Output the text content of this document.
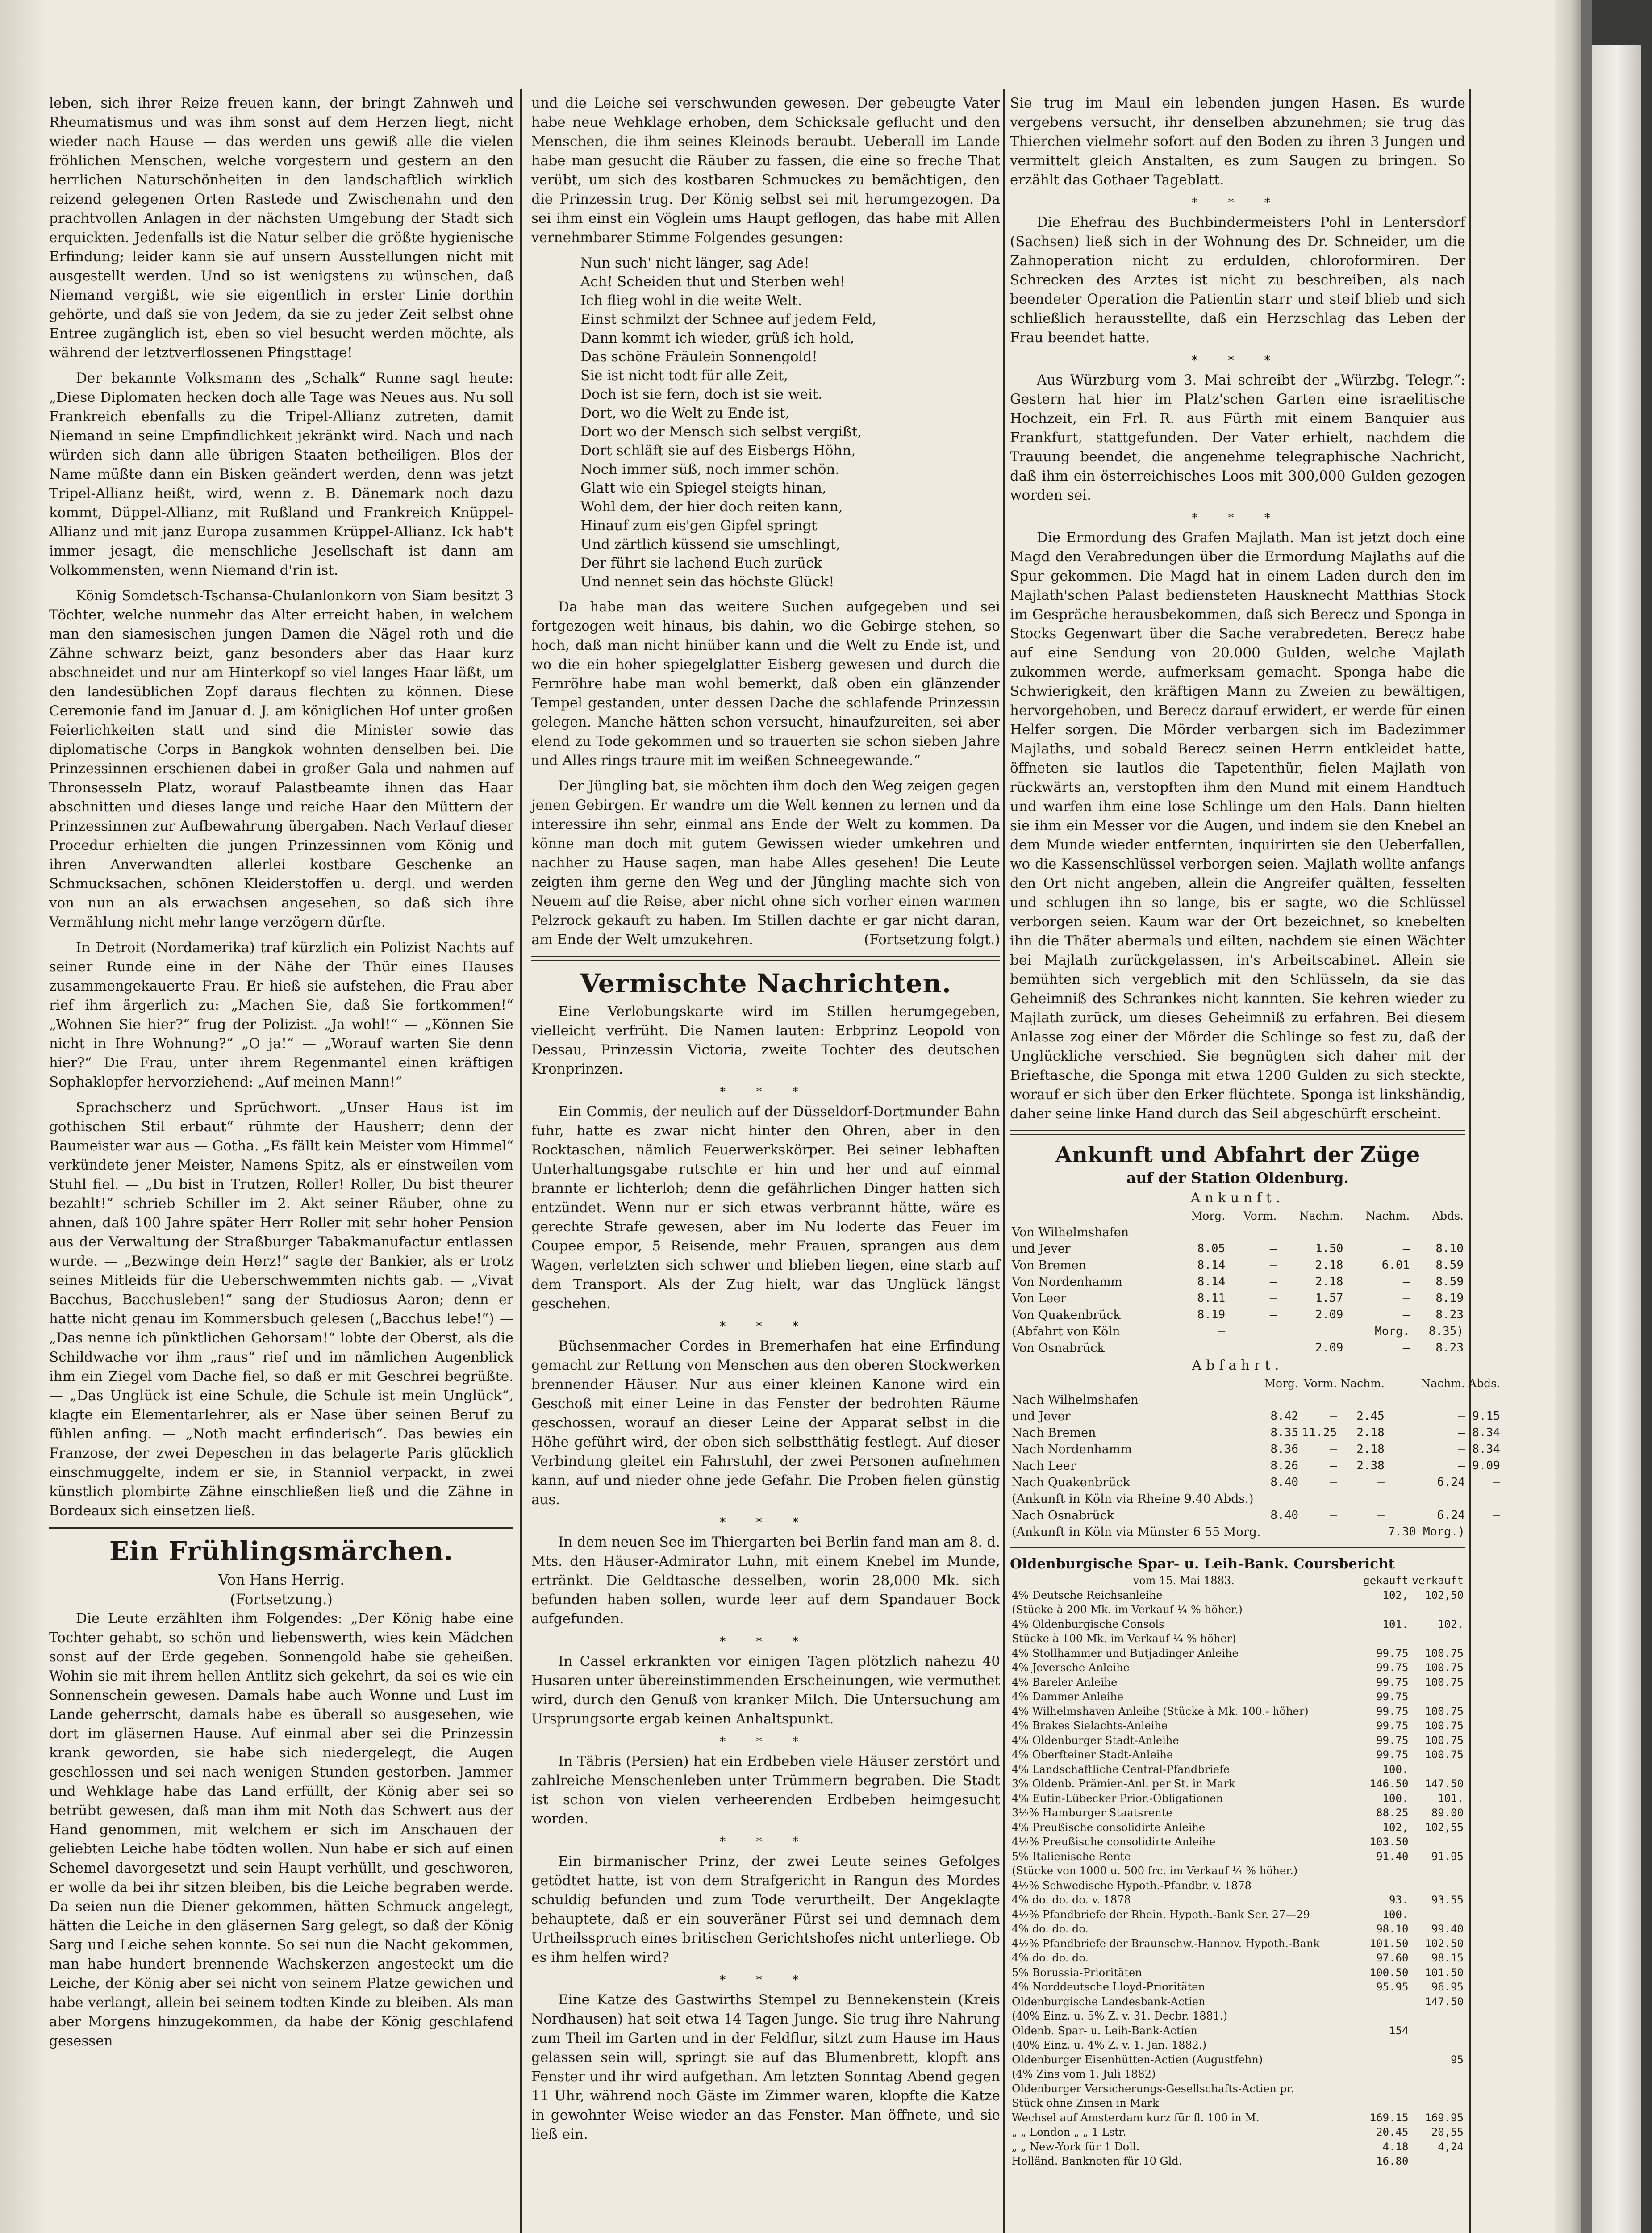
leben, sich ihrer Reize freuen kann, der bringt Zahnweh und Rheumatismus und was ihm sonst auf dem Herzen liegt, nicht wieder nach Hause — das werden uns gewiß alle die vielen fröhlichen Menschen, welche vorgestern und gestern an den herrlichen Naturschönheiten in den landschaftlich wirklich reizend gelegenen Orten Rastede und Zwischenahn und den prachtvollen Anlagen in der nächsten Umgebung der Stadt sich erquickten. Jedenfalls ist die Natur selber die größte hygienische Erfindung; leider kann sie auf unsern Ausstellungen nicht mit ausgestellt werden. Und so ist wenigstens zu wünschen, daß Niemand vergißt, wie sie eigentlich in erster Linie dorthin gehörte, und daß sie von Jedem, da sie zu jeder Zeit selbst ohne Entree zugänglich ist, eben so viel besucht werden möchte, als während der letztverflossenen Pfingsttage!

Der bekannte Volksmann des „Schalk“ Runne sagt heute: „Diese Diplomaten hecken doch alle Tage was Neues aus. Nu soll Frankreich ebenfalls zu die Tripel-Allianz zutreten, damit Niemand in seine Empfindlichkeit jekränkt wird. Nach und nach würden sich dann alle übrigen Staaten betheiligen. Blos der Name müßte dann ein Bisken geändert werden, denn was jetzt Tripel-Allianz heißt, wird, wenn z. B. Dänemark noch dazu kommt, Düppel-Allianz, mit Rußland und Frankreich Knüppel-Allianz und mit janz Europa zusammen Krüppel-Allianz. Ick hab't immer jesagt, die menschliche Jesellschaft ist dann am Volkommensten, wenn Niemand d'rin ist.

König Somdetsch-Tschansa-Chulanlonkorn von Siam besitzt 3 Töchter, welche nunmehr das Alter erreicht haben, in welchem man den siamesischen jungen Damen die Nägel roth und die Zähne schwarz beizt, ganz besonders aber das Haar kurz abschneidet und nur am Hinterkopf so viel langes Haar läßt, um den landesüblichen Zopf daraus flechten zu können. Diese Ceremonie fand im Januar d. J. am königlichen Hof unter großen Feierlichkeiten statt und sind die Minister sowie das diplomatische Corps in Bangkok wohnten denselben bei. Die Prinzessinnen erschienen dabei in großer Gala und nahmen auf Thronsesseln Platz, worauf Palastbeamte ihnen das Haar abschnitten und dieses lange und reiche Haar den Müttern der Prinzessinnen zur Aufbewahrung übergaben. Nach Verlauf dieser Procedur erhielten die jungen Prinzessinnen vom König und ihren Anverwandten allerlei kostbare Geschenke an Schmucksachen, schönen Kleiderstoffen u. dergl. und werden von nun an als erwachsen angesehen, so daß sich ihre Vermählung nicht mehr lange verzögern dürfte.

In Detroit (Nordamerika) traf kürzlich ein Polizist Nachts auf seiner Runde eine in der Nähe der Thür eines Hauses zusammengekauerte Frau. Er hieß sie aufstehen, die Frau aber rief ihm ärgerlich zu: „Machen Sie, daß Sie fortkommen!“ „Wohnen Sie hier?“ frug der Polizist. „Ja wohl!“ — „Können Sie nicht in Ihre Wohnung?“ „O ja!“ — „Worauf warten Sie denn hier?“ Die Frau, unter ihrem Regenmantel einen kräftigen Sophaklopfer hervorziehend: „Auf meinen Mann!“

Sprachscherz und Sprüchwort. „Unser Haus ist im gothischen Stil erbaut“ rühmte der Hausherr; denn der Baumeister war aus — Gotha. „Es fällt kein Meister vom Himmel“ verkündete jener Meister, Namens Spitz, als er einstweilen vom Stuhl fiel. — „Du bist in Trutzen, Roller! Roller, Du bist theurer bezahlt!“ schrieb Schiller im 2. Akt seiner Räuber, ohne zu ahnen, daß 100 Jahre später Herr Roller mit sehr hoher Pension aus der Verwaltung der Straßburger Tabakmanufactur entlassen wurde. — „Bezwinge dein Herz!“ sagte der Bankier, als er trotz seines Mitleids für die Ueberschwemmten nichts gab. — „Vivat Bacchus, Bacchusleben!“ sang der Studiosus Aaron; denn er hatte nicht genau im Kommersbuch gelesen („Bacchus lebe!“) — „Das nenne ich pünktlichen Gehorsam!“ lobte der Oberst, als die Schildwache vor ihm „raus“ rief und im nämlichen Augenblick ihm ein Ziegel vom Dache fiel, so daß er mit Geschrei begrüßte. — „Das Unglück ist eine Schule, die Schule ist mein Unglück“, klagte ein Elementarlehrer, als er Nase über seinen Beruf zu fühlen anfing. — „Noth macht erfinderisch“. Das bewies ein Franzose, der zwei Depeschen in das belagerte Paris glücklich einschmuggelte, indem er sie, in Stanniol verpackt, in zwei künstlich plombirte Zähne einschließen ließ und die Zähne in Bordeaux sich einsetzen ließ.

Ein Frühlingsmärchen.
Von Hans Herrig.
(Fortsetzung.)

Die Leute erzählten ihm Folgendes: „Der König habe eine Tochter gehabt, so schön und liebenswerth, wies kein Mädchen sonst auf der Erde gegeben. Sonnengold habe sie geheißen. Wohin sie mit ihrem hellen Antlitz sich gekehrt, da sei es wie ein Sonnenschein gewesen. Damals habe auch Wonne und Lust im Lande geherrscht, damals habe es überall so ausgesehen, wie dort im gläsernen Hause. Auf einmal aber sei die Prinzessin krank geworden, sie habe sich niedergelegt, die Augen geschlossen und sei nach wenigen Stunden gestorben. Jammer und Wehklage habe das Land erfüllt, der König aber sei so betrübt gewesen, daß man ihm mit Noth das Schwert aus der Hand genommen, mit welchem er sich im Anschauen der geliebten Leiche habe tödten wollen. Nun habe er sich auf einen Schemel davorgesetzt und sein Haupt verhüllt, und geschworen, er wolle da bei ihr sitzen bleiben, bis die Leiche begraben werde. Da seien nun die Diener gekommen, hätten Schmuck angelegt, hätten die Leiche in den gläsernen Sarg gelegt, so daß der König Sarg und Leiche sehen konnte. So sei nun die Nacht gekommen, man habe hundert brennende Wachskerzen angesteckt um die Leiche, der König aber sei nicht von seinem Platze gewichen und habe verlangt, allein bei seinem todten Kinde zu bleiben. Als man aber Morgens hinzugekommen, da habe der König geschlafend gesessen

und die Leiche sei verschwunden gewesen. Der gebeugte Vater habe neue Wehklage erhoben, dem Schicksale geflucht und den Menschen, die ihm seines Kleinods beraubt. Ueberall im Lande habe man gesucht die Räuber zu fassen, die eine so freche That verübt, um sich des kostbaren Schmuckes zu bemächtigen, den die Prinzessin trug. Der König selbst sei mit herumgezogen. Da sei ihm einst ein Vöglein ums Haupt geflogen, das habe mit Allen vernehmbarer Stimme Folgendes gesungen:

Nun such' nicht länger, sag Ade!
Ach! Scheiden thut und Sterben weh!
Ich flieg wohl in die weite Welt.
Einst schmilzt der Schnee auf jedem Feld,
Dann kommt ich wieder, grüß ich hold,
Das schöne Fräulein Sonnengold!
Sie ist nicht todt für alle Zeit,
Doch ist sie fern, doch ist sie weit.
Dort, wo die Welt zu Ende ist,
Dort wo der Mensch sich selbst vergißt,
Dort schläft sie auf des Eisbergs Höhn,
Noch immer süß, noch immer schön.
Glatt wie ein Spiegel steigts hinan,
Wohl dem, der hier doch reiten kann,
Hinauf zum eis'gen Gipfel springt
Und zärtlich küssend sie umschlingt,
Der führt sie lachend Euch zurück
Und nennet sein das höchste Glück!

Da habe man das weitere Suchen aufgegeben und sei fortgezogen weit hinaus, bis dahin, wo die Gebirge stehen, so hoch, daß man nicht hinüber kann und die Welt zu Ende ist, und wo die ein hoher spiegelglatter Eisberg gewesen und durch die Fernröhre habe man wohl bemerkt, daß oben ein glänzender Tempel gestanden, unter dessen Dache die schlafende Prinzessin gelegen. Manche hätten schon versucht, hinaufzureiten, sei aber elend zu Tode gekommen und so trauerten sie schon sieben Jahre und Alles rings traure mit im weißen Schneegewande.“

Der Jüngling bat, sie möchten ihm doch den Weg zeigen gegen jenen Gebirgen. Er wandre um die Welt kennen zu lernen und da interessire ihn sehr, einmal ans Ende der Welt zu kommen. Da könne man doch mit gutem Gewissen wieder umkehren und nachher zu Hause sagen, man habe Alles gesehen! Die Leute zeigten ihm gerne den Weg und der Jüngling machte sich von Neuem auf die Reise, aber nicht ohne sich vorher einen warmen Pelzrock gekauft zu haben. Im Stillen dachte er gar nicht daran, am Ende der Welt umzukehren.	(Fortsetzung folgt.)

Vermischte Nachrichten.

Eine Verlobungskarte wird im Stillen herumgegeben, vielleicht verfrüht. Die Namen lauten: Erbprinz Leopold von Dessau, Prinzessin Victoria, zweite Tochter des deutschen Kronprinzen.

* * *

Ein Commis, der neulich auf der Düsseldorf-Dortmunder Bahn fuhr, hatte es zwar nicht hinter den Ohren, aber in den Rocktaschen, nämlich Feuerwerkskörper. Bei seiner lebhaften Unterhaltungsgabe rutschte er hin und her und auf einmal brannte er lichterloh; denn die gefährlichen Dinger hatten sich entzündet. Wenn nur er sich etwas verbrannt hätte, wäre es gerechte Strafe gewesen, aber im Nu loderte das Feuer im Coupee empor, 5 Reisende, mehr Frauen, sprangen aus dem Wagen, verletzten sich schwer und blieben liegen, eine starb auf dem Transport. Als der Zug hielt, war das Unglück längst geschehen.

* * *

Büchsenmacher Cordes in Bremerhafen hat eine Erfindung gemacht zur Rettung von Menschen aus den oberen Stockwerken brennender Häuser. Nur aus einer kleinen Kanone wird ein Geschoß mit einer Leine in das Fenster der bedrohten Räume geschossen, worauf an dieser Leine der Apparat selbst in die Höhe geführt wird, der oben sich selbstthätig festlegt. Auf dieser Verbindung gleitet ein Fahrstuhl, der zwei Personen aufnehmen kann, auf und nieder ohne jede Gefahr. Die Proben fielen günstig aus.

* * *

In dem neuen See im Thiergarten bei Berlin fand man am 8. d. Mts. den Häuser-Admirator Luhn, mit einem Knebel im Munde, ertränkt. Die Geldtasche desselben, worin 28,000 Mk. sich befunden haben sollen, wurde leer auf dem Spandauer Bock aufgefunden.

* * *

In Cassel erkrankten vor einigen Tagen plötzlich nahezu 40 Husaren unter übereinstimmenden Erscheinungen, wie vermuthet wird, durch den Genuß von kranker Milch. Die Untersuchung am Ursprungsorte ergab keinen Anhaltspunkt.

* * *

In Täbris (Persien) hat ein Erdbeben viele Häuser zerstört und zahlreiche Menschenleben unter Trümmern begraben. Die Stadt ist schon von vielen verheerenden Erdbeben heimgesucht worden.

* * *

Ein birmanischer Prinz, der zwei Leute seines Gefolges getödtet hatte, ist von dem Strafgericht in Rangun des Mordes schuldig befunden und zum Tode verurtheilt. Der Angeklagte behauptete, daß er ein souveräner Fürst sei und demnach dem Urtheilsspruch eines britischen Gerichtshofes nicht unterliege. Ob es ihm helfen wird?

* * *

Eine Katze des Gastwirths Stempel zu Bennekenstein (Kreis Nordhausen) hat seit etwa 14 Tagen Junge. Sie trug ihre Nahrung zum Theil im Garten und in der Feldflur, sitzt zum Hause im Haus gelassen sein will, springt sie auf das Blumenbrett, klopft ans Fenster und ihr wird aufgethan. Am letzten Sonntag Abend gegen 11 Uhr, während noch Gäste im Zimmer waren, klopfte die Katze in gewohnter Weise wieder an das Fenster. Man öffnete, und sie ließ ein.

Sie trug im Maul ein lebenden jungen Hasen. Es wurde vergebens versucht, ihr denselben abzunehmen; sie trug das Thierchen vielmehr sofort auf den Boden zu ihren 3 Jungen und vermittelt gleich Anstalten, es zum Saugen zu bringen. So erzählt das Gothaer Tageblatt.

* * *

Die Ehefrau des Buchbindermeisters Pohl in Lentersdorf (Sachsen) ließ sich in der Wohnung des Dr. Schneider, um die Zahnoperation nicht zu erdulden, chloroformiren. Der Schrecken des Arztes ist nicht zu beschreiben, als nach beendeter Operation die Patientin starr und steif blieb und sich schließlich herausstellte, daß ein Herzschlag das Leben der Frau beendet hatte.

* * *

Aus Würzburg vom 3. Mai schreibt der „Würzbg. Telegr.“: Gestern hat hier im Platz'schen Garten eine israelitische Hochzeit, ein Frl. R. aus Fürth mit einem Banquier aus Frankfurt, stattgefunden. Der Vater erhielt, nachdem die Trauung beendet, die angenehme telegraphische Nachricht, daß ihm ein österreichisches Loos mit 300,000 Gulden gezogen worden sei.

* * *

Die Ermordung des Grafen Majlath. Man ist jetzt doch eine Magd den Verabredungen über die Ermordung Majlaths auf die Spur gekommen. Die Magd hat in einem Laden durch den im Majlath'schen Palast bediensteten Hausknecht Matthias Stock im Gespräche herausbekommen, daß sich Berecz und Sponga in Stocks Gegenwart über die Sache verabredeten. Berecz habe auf eine Sendung von 20.000 Gulden, welche Majlath zukommen werde, aufmerksam gemacht. Sponga habe die Schwierigkeit, den kräftigen Mann zu Zweien zu bewältigen, hervorgehoben, und Berecz darauf erwidert, er werde für einen Helfer sorgen. Die Mörder verbargen sich im Badezimmer Majlaths, und sobald Berecz seinen Herrn entkleidet hatte, öffneten sie lautlos die Tapetenthür, fielen Majlath von rückwärts an, verstopften ihm den Mund mit einem Handtuch und warfen ihm eine lose Schlinge um den Hals. Dann hielten sie ihm ein Messer vor die Augen, und indem sie den Knebel an dem Munde wieder entfernten, inquirirten sie den Ueberfallen, wo die Kassenschlüssel verborgen seien. Majlath wollte anfangs den Ort nicht angeben, allein die Angreifer quälten, fesselten und schlugen ihn so lange, bis er sagte, wo die Schlüssel verborgen seien. Kaum war der Ort bezeichnet, so knebelten ihn die Thäter abermals und eilten, nachdem sie einen Wächter bei Majlath zurückgelassen, in's Arbeitscabinet. Allein sie bemühten sich vergeblich mit den Schlüsseln, da sie das Geheimniß des Schrankes nicht kannten. Sie kehren wieder zu Majlath zurück, um dieses Geheimniß zu erfahren. Bei diesem Anlasse zog einer der Mörder die Schlinge so fest zu, daß der Unglückliche verschied. Sie begnügten sich daher mit der Brieftasche, die Sponga mit etwa 1200 Gulden zu sich steckte, worauf er sich über den Erker flüchtete. Sponga ist linkshändig, daher seine linke Hand durch das Seil abgeschürft erscheint.

Ankunft und Abfahrt der Züge
auf der Station Oldenburg.
Ankunft.
	Morg.	Vorm.	Nachm.	Nachm.	Abds.
Von Wilhelmshafen					
und Jever	8.05	—	1.50	—	8.10
Von Bremen	8.14	—	2.18	6.01	8.59
Von Nordenhamm	8.14	—	2.18	—	8.59
Von Leer	8.11	—	1.57	—	8.19
Von Quakenbrück	8.19	—	2.09	—	8.23
(Abfahrt von Köln	—			Morg.	8.35)
Von Osnabrück			2.09	—	8.23
Abfahrt.
	Morg.	Vorm.	Nachm.	Nachm.	Abds.
Nach Wilhelmshafen					
und Jever	8.42	—	2.45	—	9.15
Nach Bremen	8.35	11.25	2.18	—	8.34
Nach Nordenhamm	8.36	—	2.18	—	8.34
Nach Leer	8.26	—	2.38	—	9.09
Nach Quakenbrück	8.40	—	—	6.24	—
(Ankunft in Köln via Rheine 9.40 Abds.)					
Nach Osnabrück	8.40	—	—	6.24	—
(Ankunft in Köln via Münster 6 55 Morg.				7.30 Morg.)	
Oldenburgische Spar- u. Leih-Bank. Coursbericht
vom 15. Mai 1883.	gekauft	verkauft
4% Deutsche Reichsanleihe	102,	102,50
(Stücke à 200 Mk. im Verkauf ¼ % höher.)		
4% Oldenburgische Consols	101.	102.
Stücke à 100 Mk. im Verkauf ¼ % höher)		
4% Stollhammer und Butjadinger Anleihe	99.75	100.75
4% Jeversche Anleihe	99.75	100.75
4% Bareler Anleihe	99.75	100.75
4% Dammer Anleihe	99.75	
4% Wilhelmshaven Anleihe (Stücke à Mk. 100.- höher)	99.75	100.75
4% Brakes Sielachts-Anleihe	99.75	100.75
4% Oldenburger Stadt-Anleihe	99.75	100.75
4% Oberfteiner Stadt-Anleihe	99.75	100.75
4% Landschaftliche Central-Pfandbriefe	100.	
3% Oldenb. Prämien-Anl. per St. in Mark	146.50	147.50
4% Eutin-Lübecker Prior.-Obligationen	100.	101.
3½% Hamburger Staatsrente	88.25	89.00
4% Preußische consolidirte Anleihe	102,	102,55
4½% Preußische consolidirte Anleihe	103.50	
5% Italienische Rente	91.40	91.95
(Stücke von 1000 u. 500 frc. im Verkauf ¼ % höher.)		
4½% Schwedische Hypoth.-Pfandbr. v. 1878		
4% do. do. do. v. 1878	93.	93.55
4½% Pfandbriefe der Rhein. Hypoth.-Bank Ser. 27—29	100.	
4% do. do. do.	98.10	99.40
4½% Pfandbriefe der Braunschw.-Hannov. Hypoth.-Bank	101.50	102.50
4% do. do. do.	97.60	98.15
5% Borussia-Prioritäten	100.50	101.50
4% Norddeutsche Lloyd-Prioritäten	95.95	96.95
Oldenburgische Landesbank-Actien		147.50
(40% Einz. u. 5% Z. v. 31. Decbr. 1881.)		
Oldenb. Spar- u. Leih-Bank-Actien	154	
(40% Einz. u. 4% Z. v. 1. Jan. 1882.)		
Oldenburger Eisenhütten-Actien (Augustfehn)		95
(4% Zins vom 1. Juli 1882)		
Oldenburger Versicherungs-Gesellschafts-Actien pr.		
Stück ohne Zinsen in Mark		
Wechsel auf Amsterdam kurz für fl. 100 in M.	169.15	169.95
„ „ London „ „ 1 Lstr.	20.45	20,55
„ „ New-York für 1 Doll.	4.18	4,24
Holländ. Banknoten für 10 Gld.	16.80	
